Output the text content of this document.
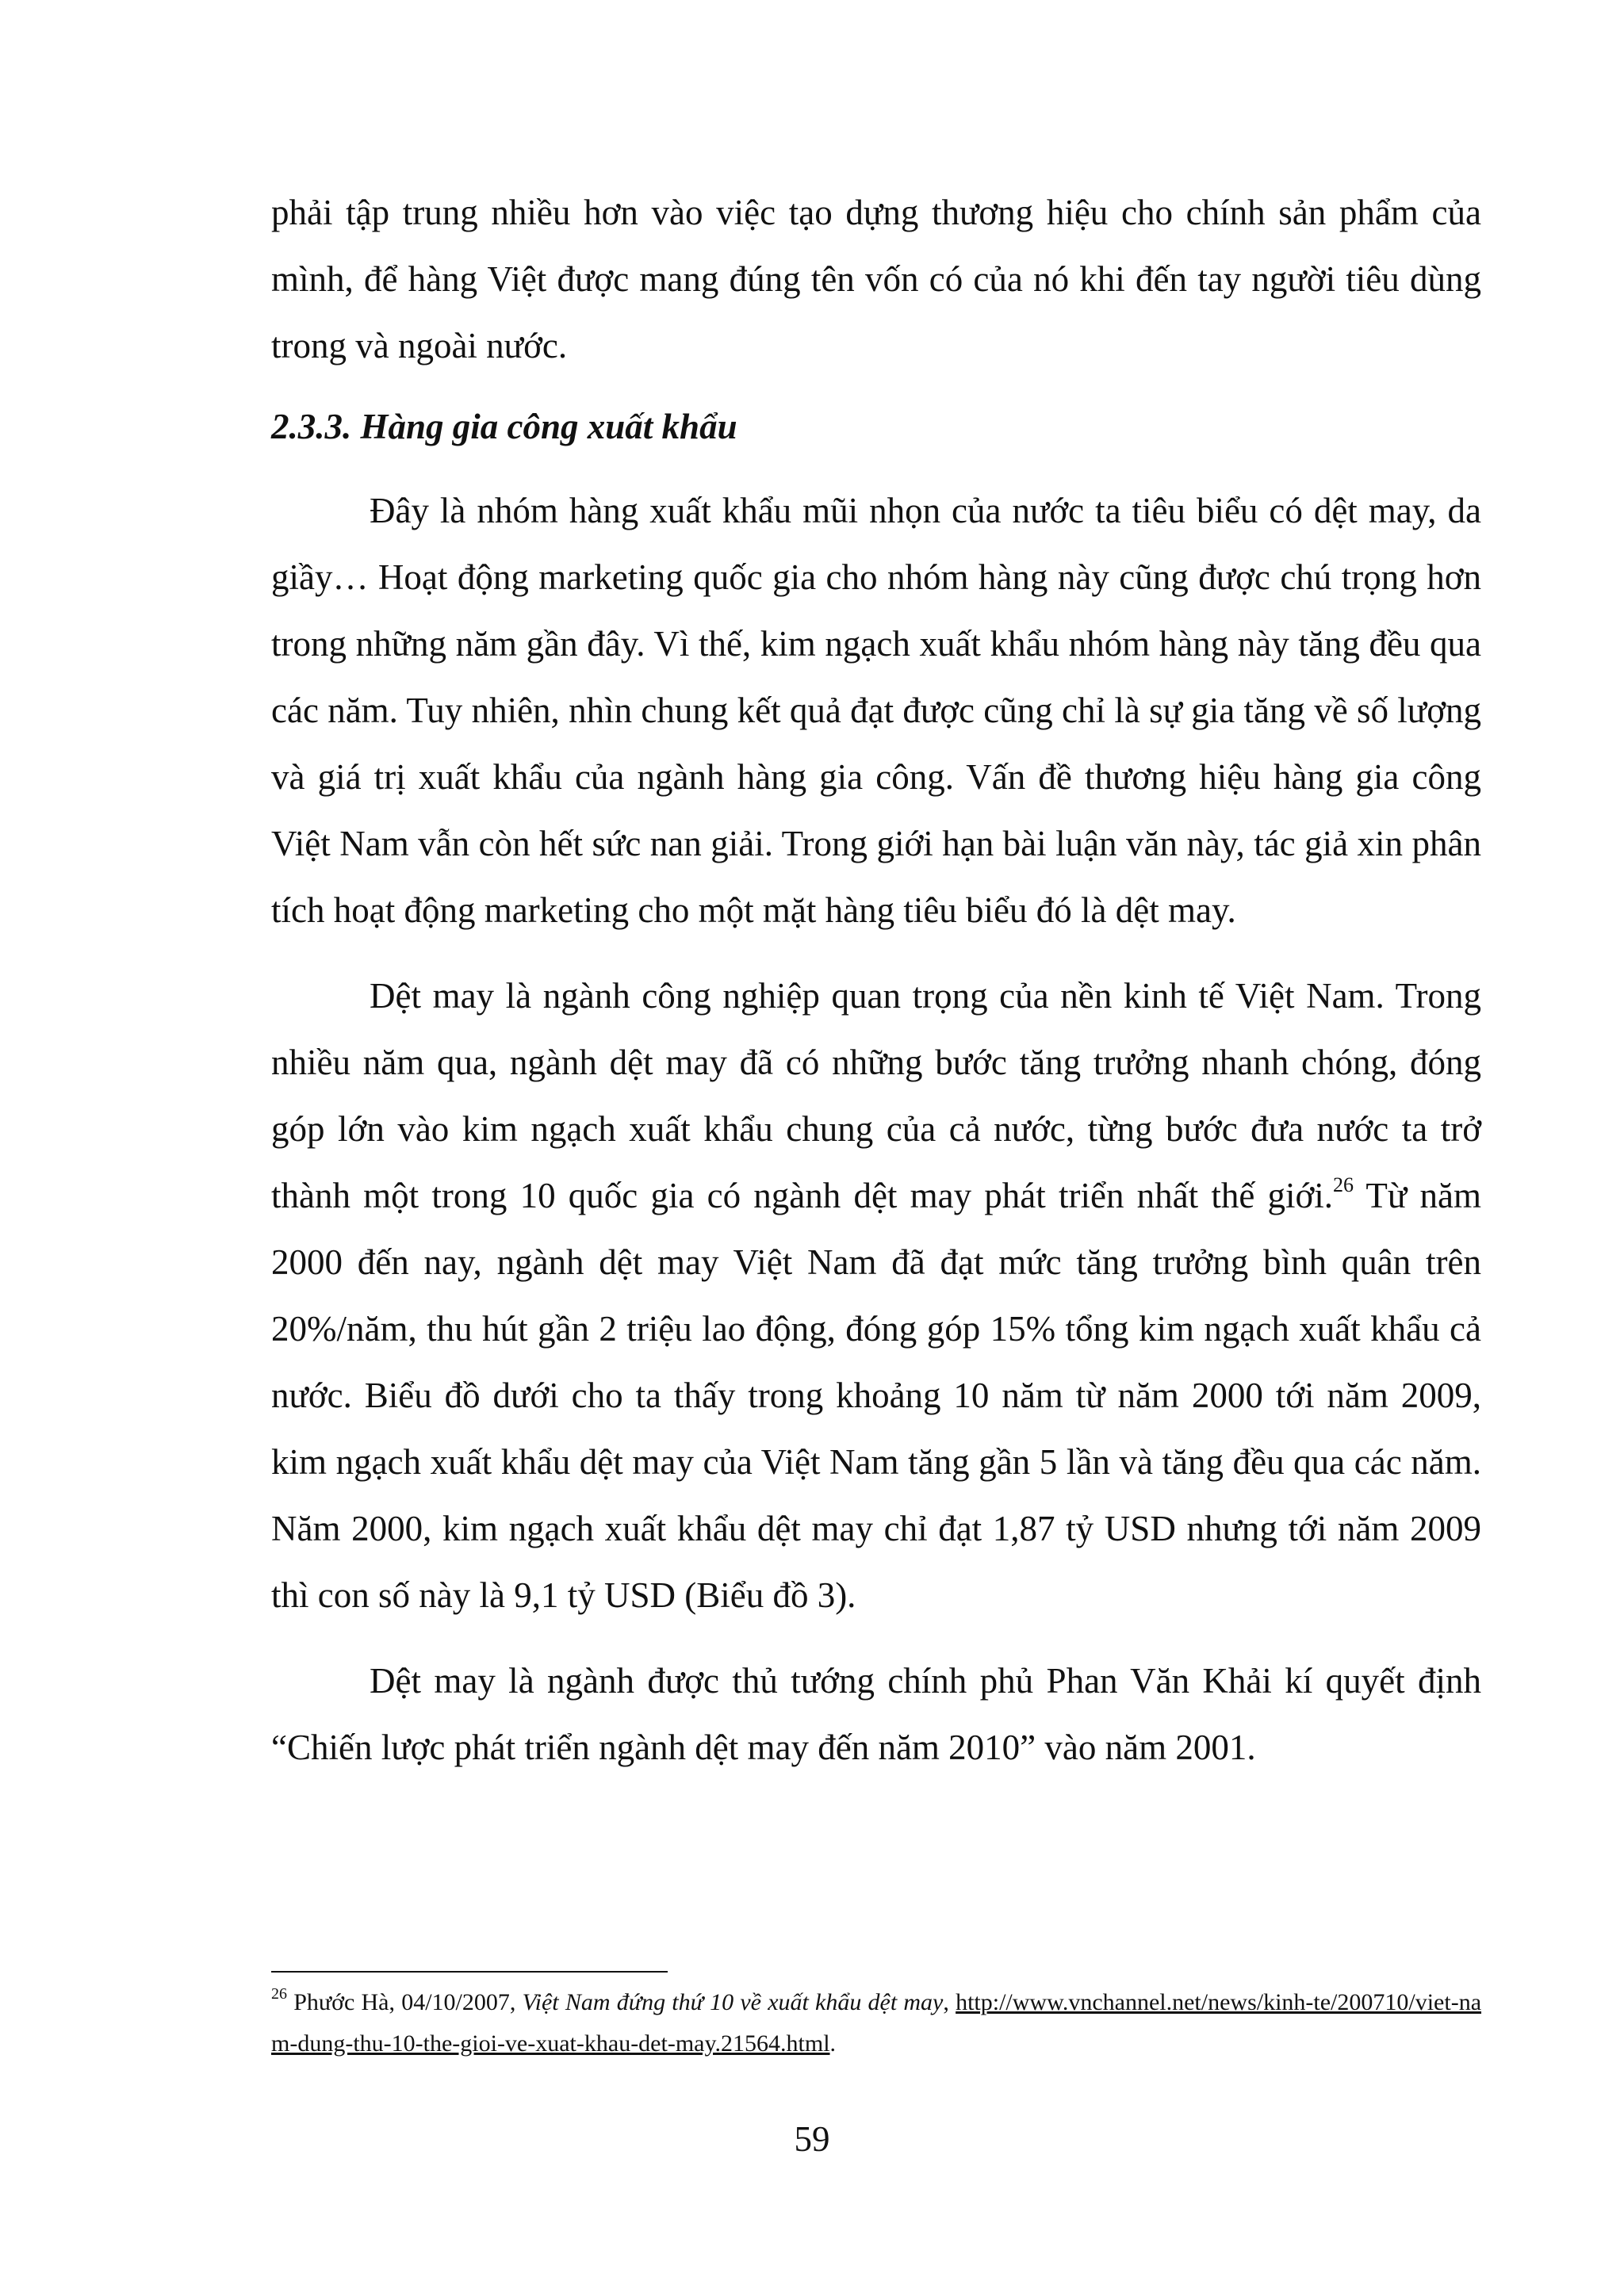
phải tập trung nhiều hơn vào việc tạo dựng thương hiệu cho chính sản phẩm của mình, để hàng Việt được mang đúng tên vốn có của nó khi đến tay người tiêu dùng trong và ngoài nước.

2.3.3. Hàng gia công xuất khẩu

Đây là nhóm hàng xuất khẩu mũi nhọn của nước ta tiêu biểu có dệt may, da giầy… Hoạt động marketing quốc gia cho nhóm hàng này cũng được chú trọng hơn trong những năm gần đây. Vì thế, kim ngạch xuất khẩu nhóm hàng này tăng đều qua các năm. Tuy nhiên, nhìn chung kết quả đạt được cũng chỉ là sự gia tăng về số lượng và giá trị xuất khẩu của ngành hàng gia công. Vấn đề thương hiệu hàng gia công Việt Nam vẫn còn hết sức nan giải. Trong giới hạn bài luận văn này, tác giả xin phân tích hoạt động marketing cho một mặt hàng tiêu biểu đó là dệt may.

Dệt may là ngành công nghiệp quan trọng của nền kinh tế Việt Nam. Trong nhiều năm qua, ngành dệt may đã có những bước tăng trưởng nhanh chóng, đóng góp lớn vào kim ngạch xuất khẩu chung của cả nước, từng bước đưa nước ta trở thành một trong 10 quốc gia có ngành dệt may phát triển nhất thế giới.$^{26}$ Từ năm 2000 đến nay, ngành dệt may Việt Nam đã đạt mức tăng trưởng bình quân trên 20%/năm, thu hút gần 2 triệu lao động, đóng góp 15% tổng kim ngạch xuất khẩu cả nước. Biểu đồ dưới cho ta thấy trong khoảng 10 năm từ năm 2000 tới năm 2009, kim ngạch xuất khẩu dệt may của Việt Nam tăng gần 5 lần và tăng đều qua các năm. Năm 2000, kim ngạch xuất khẩu dệt may chỉ đạt 1,87 tỷ USD nhưng tới năm 2009 thì con số này là 9,1 tỷ USD (Biểu đồ 3).

Dệt may là ngành được thủ tướng chính phủ Phan Văn Khải kí quyết định “Chiến lược phát triển ngành dệt may đến năm 2010” vào năm 2001.

$^{26}$ Phước Hà, 04/10/2007, Việt Nam đứng thứ 10 về xuất khẩu dệt may, http://www.vnchannel.net/news/kinh-te/200710/viet-nam-dung-thu-10-the-gioi-ve-xuat-khau-det-may.21564.html.

59
